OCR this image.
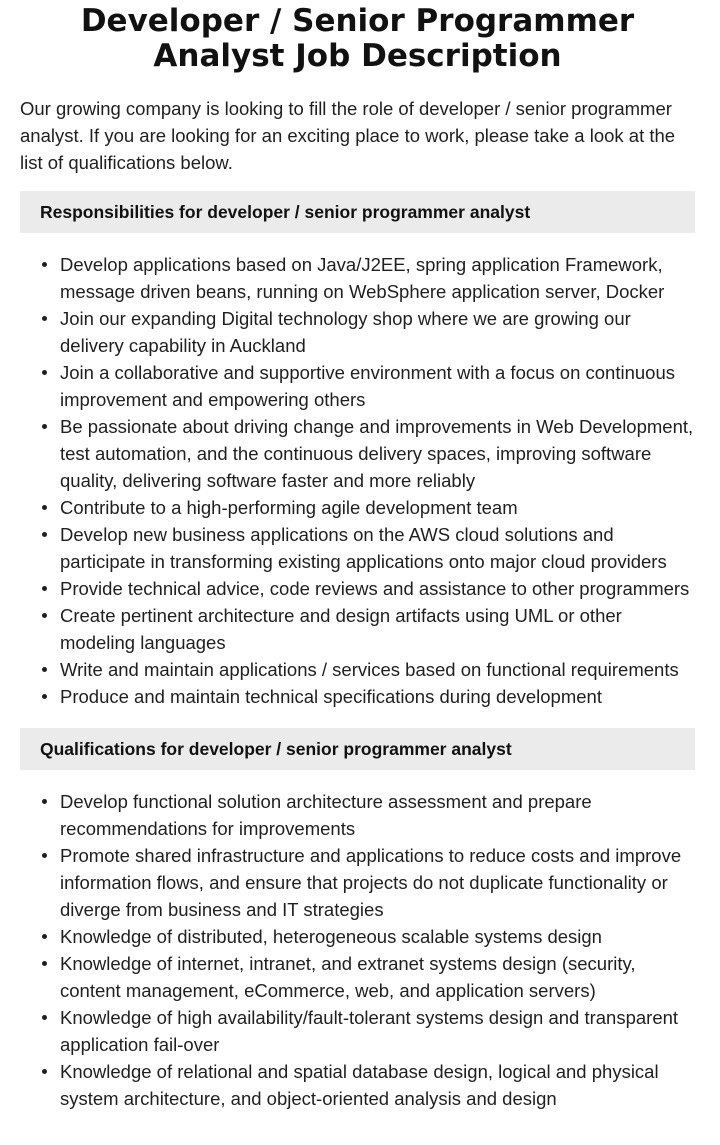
Developer / Senior Programmer Analyst Job Description

Our growing company is looking to fill the role of developer / senior programmer analyst. If you are looking for an exciting place to work, please take a look at the list of qualifications below.

Responsibilities for developer / senior programmer analyst
Develop applications based on Java/J2EE, spring application Framework, message driven beans, running on WebSphere application server, Docker
Join our expanding Digital technology shop where we are growing our delivery capability in Auckland
Join a collaborative and supportive environment with a focus on continuous improvement and empowering others
Be passionate about driving change and improvements in Web Development, test automation, and the continuous delivery spaces, improving software quality, delivering software faster and more reliably
Contribute to a high-performing agile development team
Develop new business applications on the AWS cloud solutions and participate in transforming existing applications onto major cloud providers
Provide technical advice, code reviews and assistance to other programmers
Create pertinent architecture and design artifacts using UML or other modeling languages
Write and maintain applications / services based on functional requirements
Produce and maintain technical specifications during development
Qualifications for developer / senior programmer analyst
Develop functional solution architecture assessment and prepare recommendations for improvements
Promote shared infrastructure and applications to reduce costs and improve information flows, and ensure that projects do not duplicate functionality or diverge from business and IT strategies
Knowledge of distributed, heterogeneous scalable systems design
Knowledge of internet, intranet, and extranet systems design (security, content management, eCommerce, web, and application servers)
Knowledge of high availability/fault-tolerant systems design and transparent application fail-over
Knowledge of relational and spatial database design, logical and physical system architecture, and object-oriented analysis and design
